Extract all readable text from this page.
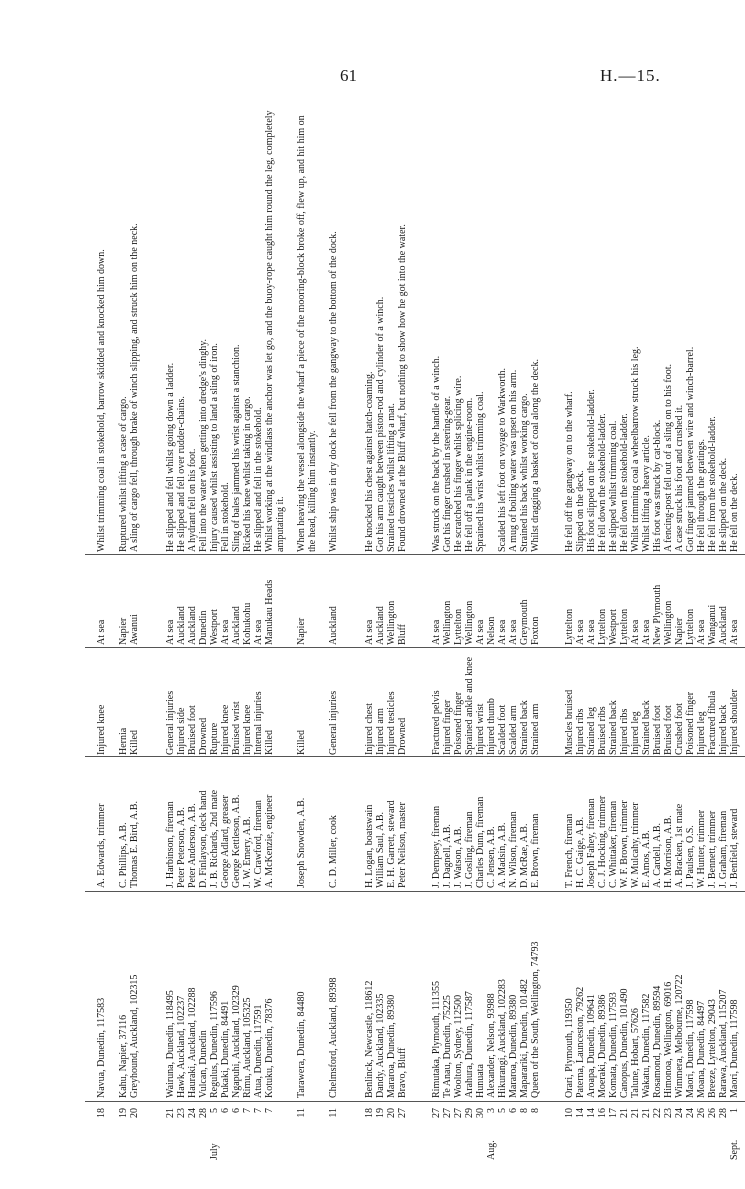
61	H.—15.
18
Navua, Dunedin, 117583
A. Edwards, trimmer
Injured knee
At sea
Whilst trimming coal in stokehold, barrow skidded and knocked him down.
19
Kahu, Napier, 37116
C. Phillips, A.B.
Hernia
Napier
Ruptured whilst lifting a case of cargo.
20
Greyhound, Auckland, 102315
Thomas E. Bird, A.B.
Killed
Awanui
A sling of cargo fell, through brake of winch slipping, and struck him on the neck.
21
Wairuna, Dunedin, 118495
J. Harbinson, fireman
General injuries
At sea
He slipped and fell whilst going down a ladder.
23
Hawk, Auckland, 102237
Peter Peterson, A.B.
Injured side
Auckland
He slipped and fell over rudder-chains.
24
Hauraki, Auckland, 102288
Peter Anderson, A.B.
Bruised foot
Auckland
A hydrant fell on his foot.
28
Vulcan, Dunedin
D. Finlayson, deck hand
Drowned
Dunedin
Fell into the water when getting into dredge's dinghy.
July
5
Regulus, Dunedin, 117596
J. B. Richards, 2nd mate
Rupture
Westport
Injury caused whilst assisting to land a sling of iron.
6
Pukaki, Dunedin, 84491
George Adlard, greaser
Injured knee
At sea
Fell in stokehold.
6
Ngapuhi, Auckland, 102329
George Kettleson, A.B.
Bruised wrist
Auckland
Sling of bales jammed his wrist against a stanchion.
7
Rimu, Auckland, 105325
J. W. Emery, A.B.
Injured knee
Kohukohu
Ricked his knee whilst taking in cargo.
7
Atua, Dunedin, 117591
W. Crawford, fireman
Internal injuries
At sea
He slipped and fell in the stokehold.
7
Kotuku, Dunedin, 78376
A. McKenzie, engineer
Killed
Manukau Heads
Whilst working at the windlass the anchor was let go, and the buoy-rope caught him round the leg, completely amputating it.
11
Tarawera, Dunedin, 84480
Joseph Snowden, A.B.
Killed
Napier
When heaving the vessel alongside the wharf a piece of the mooring-block broke off, flew up, and hit him on the head, killing him instantly.
11
Chelmsford, Auckland, 89398
C. D. Miller, cook
General injuries
Auckland
Whilst ship was in dry dock he fell from the gangway to the bottom of the dock.
18
Benlinck, Newcastle, 118612
H. Logan, boatswain
Injured chest
At sea
He knocked his chest against hatch-coaming.
19
Dandy, Auckland, 102335
William Saul, A.B.
Injured arm
Auckland
Got his arm caught between piston-rod and cylinder of a winch.
20
Mararoa, Dunedin, 89380
E. H. Garrett, steward
Injured testicles
Wellington
Strained testicles whilst lifting a mat.
27
Bravo, Bluff
Peter Neilson, master
Drowned
Bluff
Found drowned at the Bluff wharf, but nothing to show how he got into the water.
27
Rimutaka, Plymouth, 111355
J. Dempsey, fireman
Fractured pelvis
At sea
Was struck on the back by the handle of a winch.
27
Te Anau, Dunedin, 75225
J. Dagnell, A.B.
Injured finger
Wellington
Got his finger crushed in steering-gear.
27
Woolton, Sydney, 112500
J. Watson, A.B.
Poisoned finger
Lyttelton
He scratched his finger whilst splicing wire.
29
Arahura, Dunedin, 117587
J. Gosling, fireman
Sprained ankle and knee
Wellington
He fell off a plank in the engine-room.
30
Hunuata
Charles Dunn, fireman
Injured wrist
At sea
Sprained his wrist whilst trimming coal.
Aug.
3
Alexander, Nelson, 93988
C. Jensen, A.B.
Injured thumb
Nelson
5
Hikurangi, Auckland, 102283
A. Madsin, A.B.
Scalded foot
At sea
Scalded his left foot on voyage to Warkworth.
6
Mararoa, Dunedin, 89380
N. Wilson, fireman
Scalded arm
At sea
A mug of boiling water was upset on his arm.
8
Maparariki, Dunedin, 101482
D. McRae, A.B.
Strained back
Greymouth
Strained his back whilst working cargo.
8
Queen of the South, Wellington, 74793
E. Brown, fireman
Strained arm
Foxton
Whilst dragging a basket of coal along the deck.
10
Orari, Plymouth, 119350
T. French, fireman
Muscles bruised
Lyttelton
He fell off the gangway on to the wharf.
14
Paterna, Launceston, 79262
H. C. Gaige, A.B.
Injured ribs
At sea
Slipped on the deck.
14
Aroapa, Dunedin, 109641
Joseph Fahey, fireman
Strained leg
At sea
His foot slipped on the stokehold-ladder.
16
Moeraki, Dunedin, 89386
C. J. Hocking, trimmer
Bruised ribs
Lyttelton
He fell down the stokehold-ladder.
17
Komata, Dunedin, 117593
C. Whittaker, fireman
Strained back
Westport
He slipped whilst trimming coal.
21
Canopus, Dunedin, 101490
W. F. Brown, trimmer
Injured ribs
Lyttelton
He fell down the stokehold-ladder.
21
Talune, Hobart, 57626
W. Mulcahy, trimmer
Injured leg
At sea
Whilst trimming coal a wheelbarrow struck his leg.
21
Wakatu, Dunedin, 117582
E. Amos, A.B.
Strained back
At sea
Whilst lifting a heavy article.
22
Rosamond, Dunedin, 89594
A. Cardell, A.B.
Bruised foot
New Plymouth
His foot was struck by cat-block.
23
Himonoa, Wellington, 69016
H. Morrison, A.B.
Bruised foot
Wellington
A fencing-post fell out of a sling on to his foot.
24
Wimmera, Melbourne, 120722
A. Bracken, 1st mate
Crushed foot
Napier
A case struck his foot and crushed it.
24
Maori, Dunedin, 117598
J. Paulsen, O.S.
Poisoned finger
Lyttelton
Got finger jammed between wire and winch-barrel.
26
Moana, Dunedin, 84497
W. Hunter, trimmer
Injured leg
At sea
He fell through the gratings.
26
Breeze, Lyttelton, 29043
J. Bennett, trimmer
Fractured fibula
Wanganui
He fell from the stokehold-ladder.
28
Rarawa, Auckland, 115207
J. Graham, fireman
Injured back
Auckland
He slipped on the deck.
Sept.
1
Maori, Dunedin, 117598
J. Benfield, steward
Injured shoulder
At sea
He fell on the deck.
